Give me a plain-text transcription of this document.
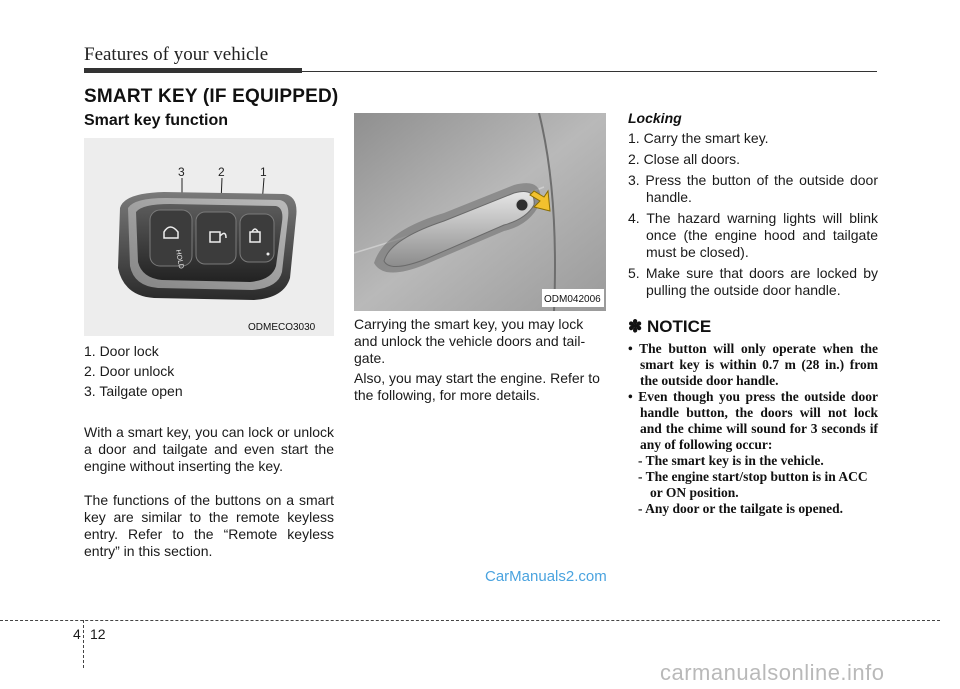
Features of your vehicle
SMART KEY (IF EQUIPPED)
Smart key function
HOLD
3	2	1
ODMECO3030
1. Door lock
2. Door unlock
3. Tailgate open
With a smart key, you can lock or unlock a door and tailgate and even start the engine without inserting the key.
The functions of the buttons on a smart key are similar to the remote keyless entry. Refer to the “Remote keyless entry” in this section.
ODM042006
Carrying the smart key, you may lock and unlock the vehicle doors and tail-gate.
Also, you may start the engine. Refer to the following, for more details.
Locking
1. Carry the smart key.
2. Close all doors.
3. Press the button of the outside door handle.
4. The hazard warning lights will blink once (the engine hood and tailgate must be closed).
5. Make sure that doors are locked by pulling the outside door handle.
✽ NOTICE
• The button will only operate when the smart key is within 0.7 m (28 in.) from the outside door handle.
• Even though you press the outside door handle button, the doors will not lock and the chime will sound for 3 seconds if any of following occur:
- The smart key is in the vehicle.
- The engine start/stop button is in ACC or ON position.
- Any door or the tailgate is opened.
4 12
CarManuals2.com
carmanualsonline.info
